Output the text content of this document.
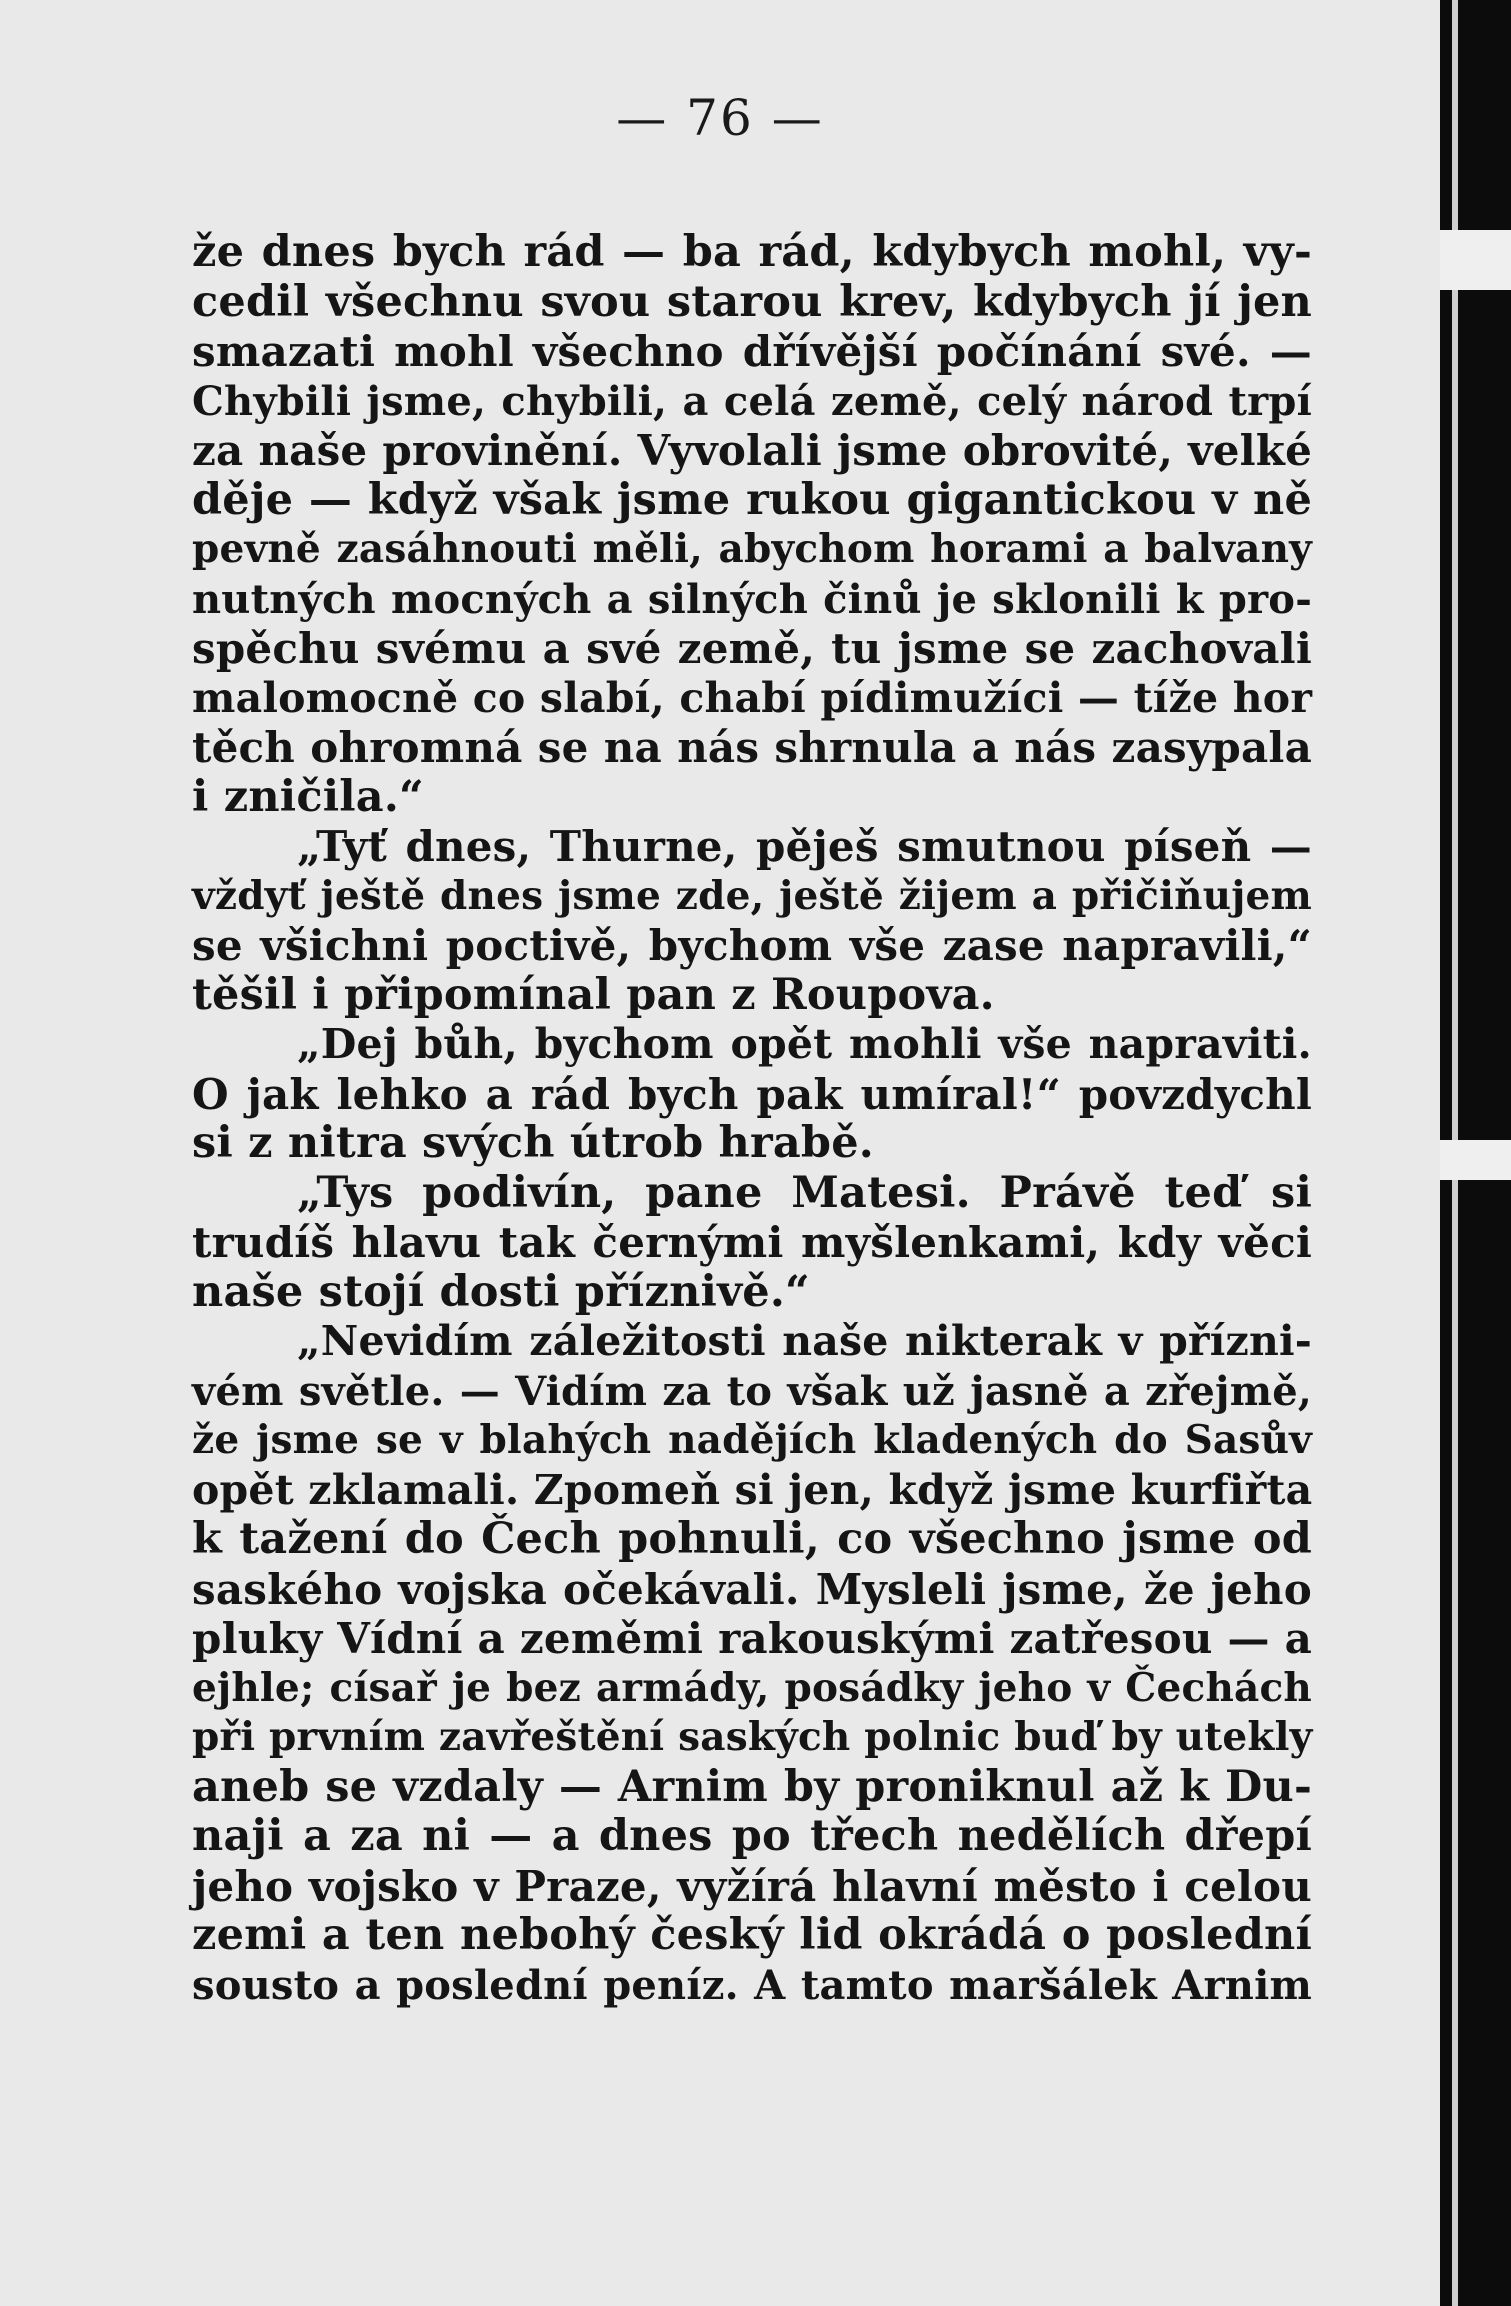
— 76 —
že dnes bych rád — ba rád, kdybych mohl, vy-
cedil všechnu svou starou krev, kdybych jí jen
smazati mohl všechno dřívější počínání své. —
Chybili jsme, chybili, a celá země, celý národ trpí
za naše provinění. Vyvolali jsme obrovité, velké
děje — když však jsme rukou gigantickou v ně
pevně zasáhnouti měli, abychom horami a balvany
nutných mocných a silných činů je sklonili k pro-
spěchu svému a své země, tu jsme se zachovali
malomocně co slabí, chabí pídimužíci — tíže hor
těch ohromná se na nás shrnula a nás zasypala
i zničila.“
„Tyť dnes, Thurne, pěješ smutnou píseň —
vždyť ještě dnes jsme zde, ještě žijem a přičiňujem
se všichni poctivě, bychom vše zase napravili,“
těšil i připomínal pan z Roupova.
„Dej bůh, bychom opět mohli vše napraviti.
O jak lehko a rád bych pak umíral!“ povzdychl
si z nitra svých útrob hrabě.
„Tys podivín, pane Matesi. Právě teď si
trudíš hlavu tak černými myšlenkami, kdy věci
naše stojí dosti příznivě.“
„Nevidím záležitosti naše nikterak v přízni-
vém světle. — Vidím za to však už jasně a zřejmě,
že jsme se v blahých nadějích kladených do Sasův
opět zklamali. Zpomeň si jen, když jsme kurfiřta
k tažení do Čech pohnuli, co všechno jsme od
saského vojska očekávali. Mysleli jsme, že jeho
pluky Vídní a zeměmi rakouskými zatřesou — a
ejhle; císař je bez armády, posádky jeho v Čechách
při prvním zavřeštění saských polnic buď by utekly
aneb se vzdaly — Arnim by proniknul až k Du-
naji a za ni — a dnes po třech nedělích dřepí
jeho vojsko v Praze, vyžírá hlavní město i celou
zemi a ten nebohý český lid okrádá o poslední
sousto a poslední peníz. A tamto maršálek Arnim
